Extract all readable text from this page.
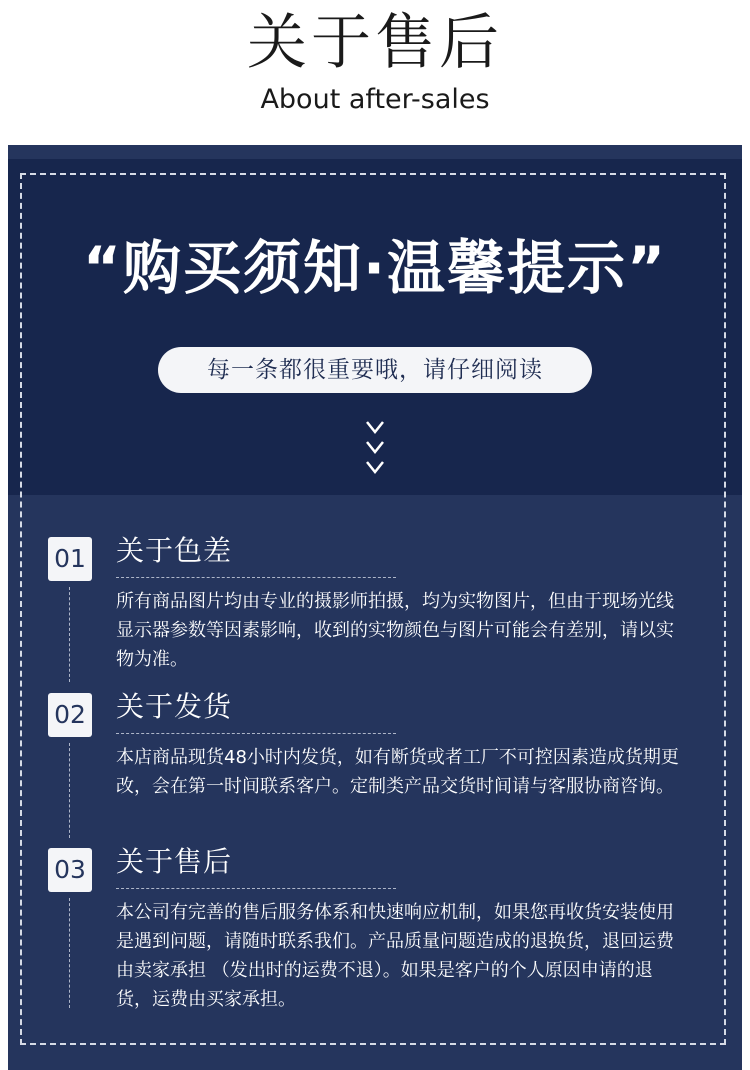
关于售后
About after-sales
“购买须知·温馨提示”
每一条都很重要哦，请仔细阅读
01 关于色差
所有商品图片均由专业的摄影师拍摄，均为实物图片，但由于现场光线显示器参数等因素影响，收到的实物颜色与图片可能会有差别，请以实物为准。
02 关于发货
本店商品现货48小时内发货，如有断货或者工厂不可控因素造成货期更改，会在第一时间联系客户。定制类产品交货时间请与客服协商咨询。
03 关于售后
本公司有完善的售后服务体系和快速响应机制，如果您再收货安装使用是遇到问题，请随时联系我们。产品质量问题造成的退换货，退回运费由卖家承担 （发出时的运费不退）。如果是客户的个人原因申请的退货，运费由买家承担。
